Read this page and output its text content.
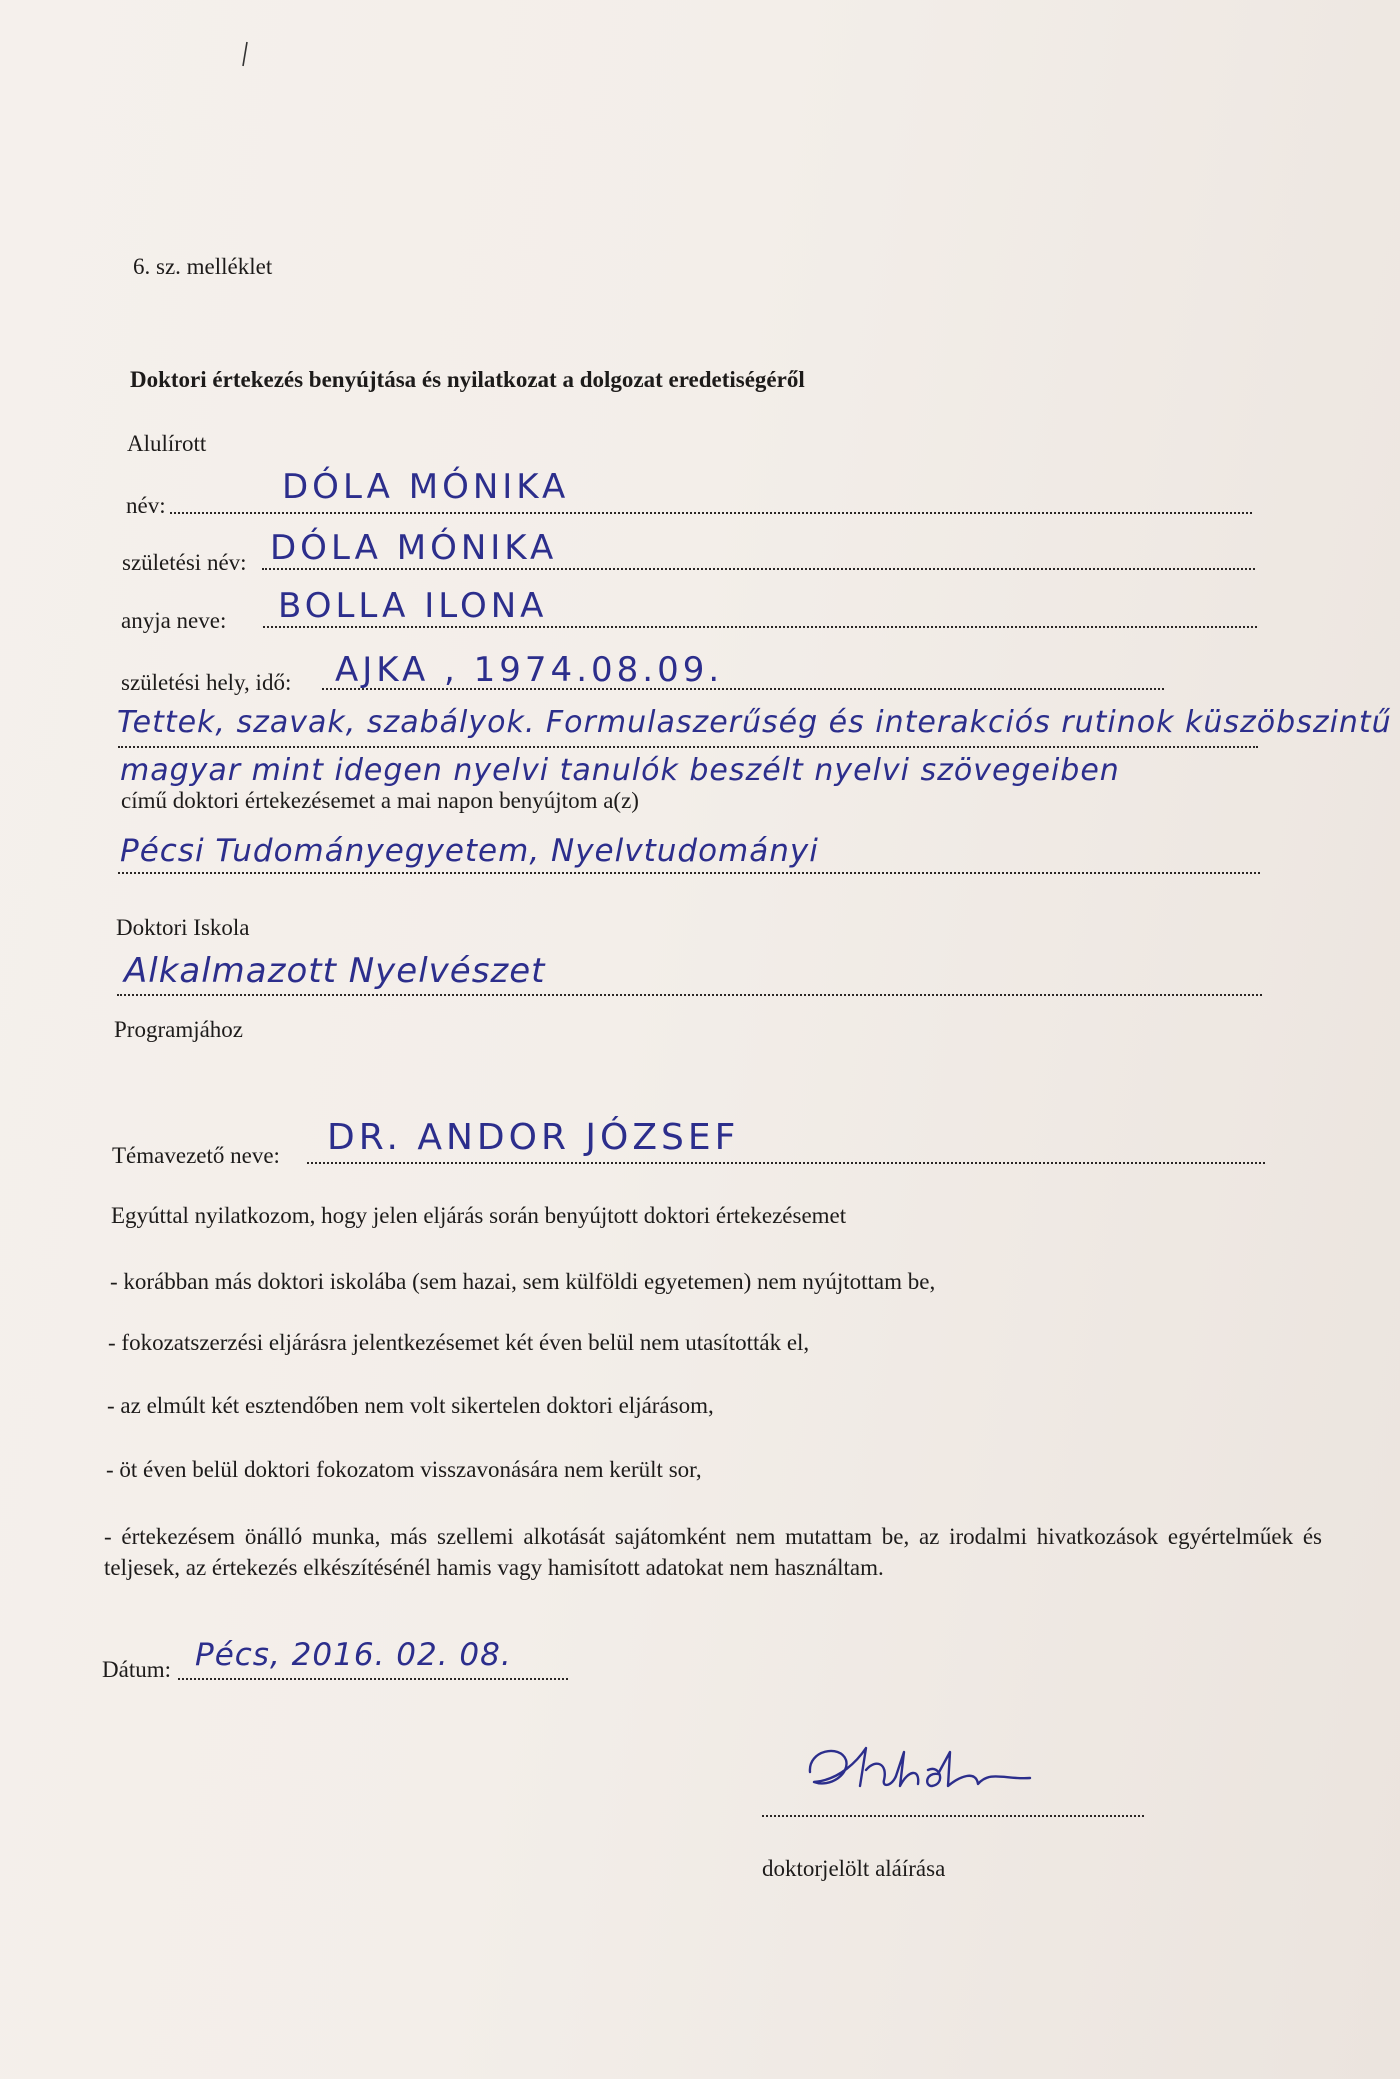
6. sz. melléklet
Doktori értekezés benyújtása és nyilatkozat a dolgozat eredetiségéről
Alulírott
név:	DÓLA MÓNIKA
születési név: DÓLA MÓNIKA
anyja neve: BOLLA ILONA
születési hely, idő: AJKA , 1974.08.09.
Tettek, szavak, szabályok. Formulaszerűség és interakciós rutinok küszöbszintű
magyar mint idegen nyelvi tanulók beszélt nyelvi szövegeiben
című doktori értekezésemet a mai napon benyújtom a(z)
Pécsi Tudományegyetem, Nyelvtudományi
Doktori Iskola
Alkalmazott Nyelvészet
Programjához
Témavezető neve: DR. ANDOR JÓZSEF
Egyúttal nyilatkozom, hogy jelen eljárás során benyújtott doktori értekezésemet
- korábban más doktori iskolába (sem hazai, sem külföldi egyetemen) nem nyújtottam be,
- fokozatszerzési eljárásra jelentkezésemet két éven belül nem utasították el,
- az elmúlt két esztendőben nem volt sikertelen doktori eljárásom,
- öt éven belül doktori fokozatom visszavonására nem került sor,
- értekezésem önálló munka, más szellemi alkotását sajátomként nem mutattam be, az irodalmi hivatkozások egyértelműek és teljesek, az értekezés elkészítésénél hamis vagy hamisított adatokat nem használtam.
Dátum: Pécs, 2016. 02. 08.
doktorjelölt aláírása
